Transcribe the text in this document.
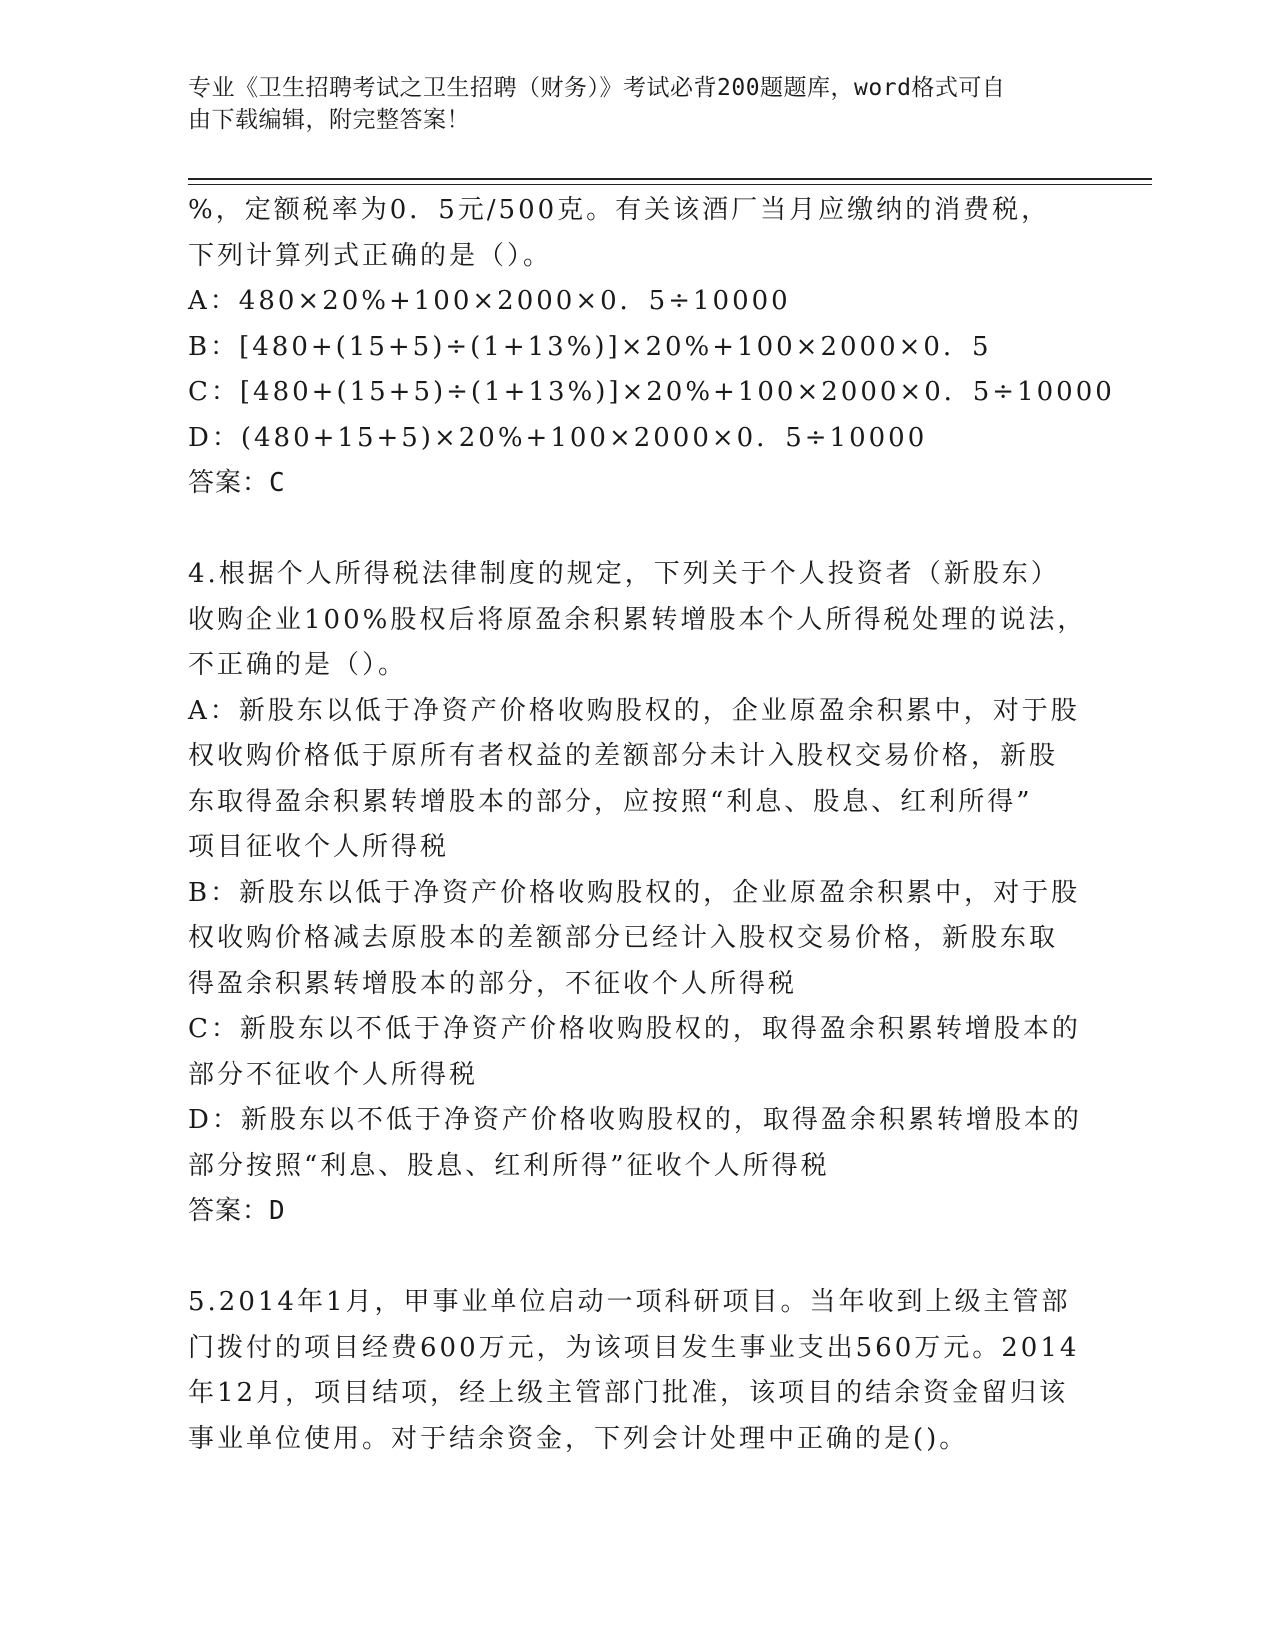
专业《卫生招聘考试之卫生招聘（财务）》考试必背200题题库，word格式可自
由下载编辑，附完整答案！
%，定额税率为0．5元/500克。有关该酒厂当月应缴纳的消费税，
下列计算列式正确的是（）。
A：480×20%+100×2000×0．5÷10000
B：[480+(15+5)÷(1+13%)]×20%+100×2000×0．5
C：[480+(15+5)÷(1+13%)]×20%+100×2000×0．5÷10000
D：(480+15+5)×20%+100×2000×0．5÷10000
答案：C
4.根据个人所得税法律制度的规定，下列关于个人投资者（新股东）
收购企业100%股权后将原盈余积累转增股本个人所得税处理的说法，
不正确的是（）。
A：新股东以低于净资产价格收购股权的，企业原盈余积累中，对于股
权收购价格低于原所有者权益的差额部分未计入股权交易价格，新股
东取得盈余积累转增股本的部分，应按照“利息、股息、红利所得”
项目征收个人所得税
B：新股东以低于净资产价格收购股权的，企业原盈余积累中，对于股
权收购价格减去原股本的差额部分已经计入股权交易价格，新股东取
得盈余积累转增股本的部分，不征收个人所得税
C：新股东以不低于净资产价格收购股权的，取得盈余积累转增股本的
部分不征收个人所得税
D：新股东以不低于净资产价格收购股权的，取得盈余积累转增股本的
部分按照“利息、股息、红利所得”征收个人所得税
答案：D
5.2014年1月，甲事业单位启动一项科研项目。当年收到上级主管部
门拨付的项目经费600万元，为该项目发生事业支出560万元。2014
年12月，项目结项，经上级主管部门批准，该项目的结余资金留归该
事业单位使用。对于结余资金，下列会计处理中正确的是()。
